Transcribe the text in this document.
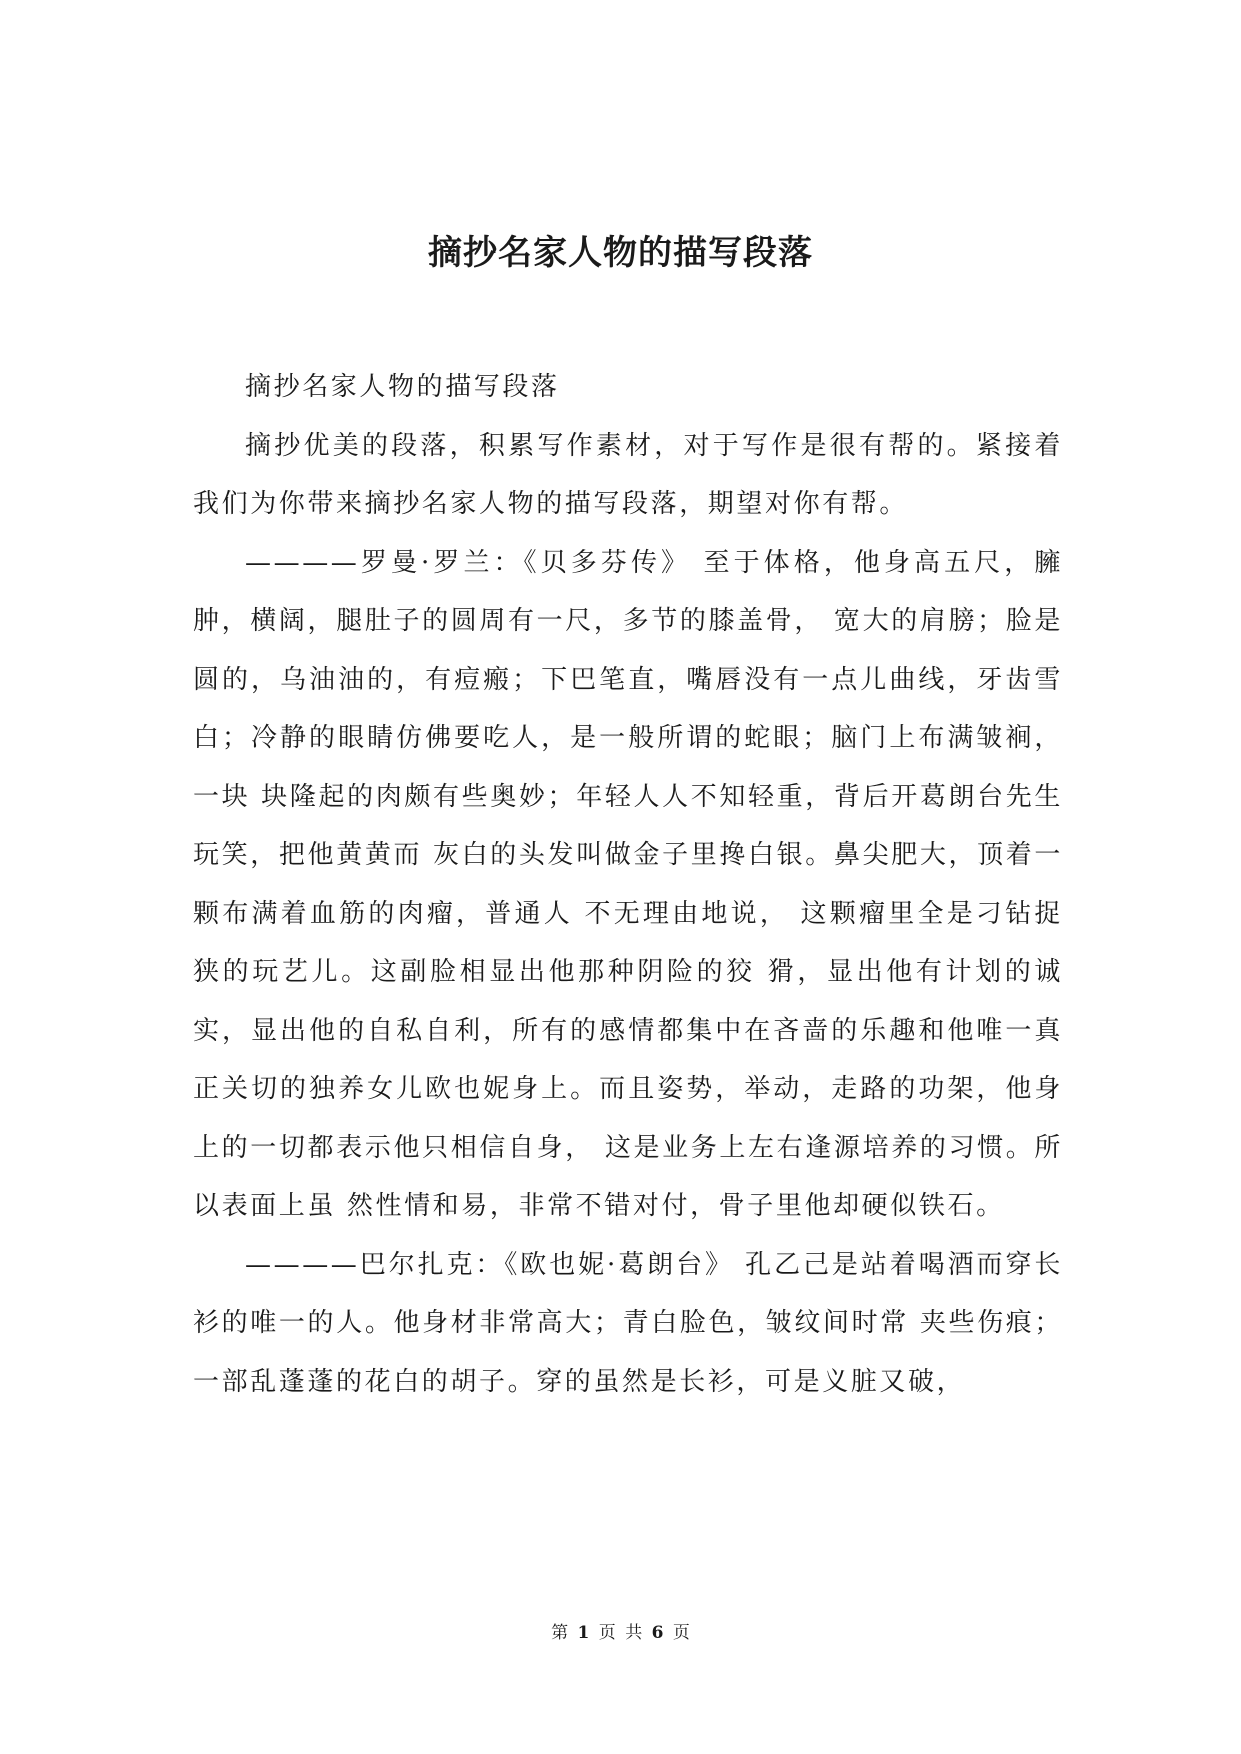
摘抄名家人物的描写段落

摘抄名家人物的描写段落

摘抄优美的段落，积累写作素材，对于写作是很有帮的。紧接着我们为你带来摘抄名家人物的描写段落，期望对你有帮。

————罗曼·罗兰：《贝多芬传》 至于体格，他身高五尺，臃肿，横阔，腿肚子的圆周有一尺，多节的膝盖骨， 宽大的肩膀；脸是圆的，乌油油的，有痘瘢；下巴笔直，嘴唇没有一点儿曲线，牙齿雪白；冷静的眼睛仿佛要吃人，是一般所谓的蛇眼；脑门上布满皱裥，一块 块隆起的肉颇有些奥妙；年轻人人不知轻重，背后开葛朗台先生玩笑，把他黄黄而 灰白的头发叫做金子里搀白银。鼻尖肥大，顶着一颗布满着血筋的肉瘤，普通人 不无理由地说， 这颗瘤里全是刁钻捉狭的玩艺儿。这副脸相显出他那种阴险的狡 猾，显出他有计划的诚实，显出他的自私自利，所有的感情都集中在吝啬的乐趣和他唯一真正关切的独养女儿欧也妮身上。而且姿势，举动，走路的功架，他身 上的一切都表示他只相信自身， 这是业务上左右逢源培养的习惯。所以表面上虽 然性情和易，非常不错对付，骨子里他却硬似铁石。

————巴尔扎克：《欧也妮·葛朗台》 孔乙己是站着喝酒而穿长衫的唯一的人。他身材非常高大；青白脸色，皱纹间时常 夹些伤痕；一部乱蓬蓬的花白的胡子。穿的虽然是长衫，可是义脏又破，

第 1 页 共 6 页
